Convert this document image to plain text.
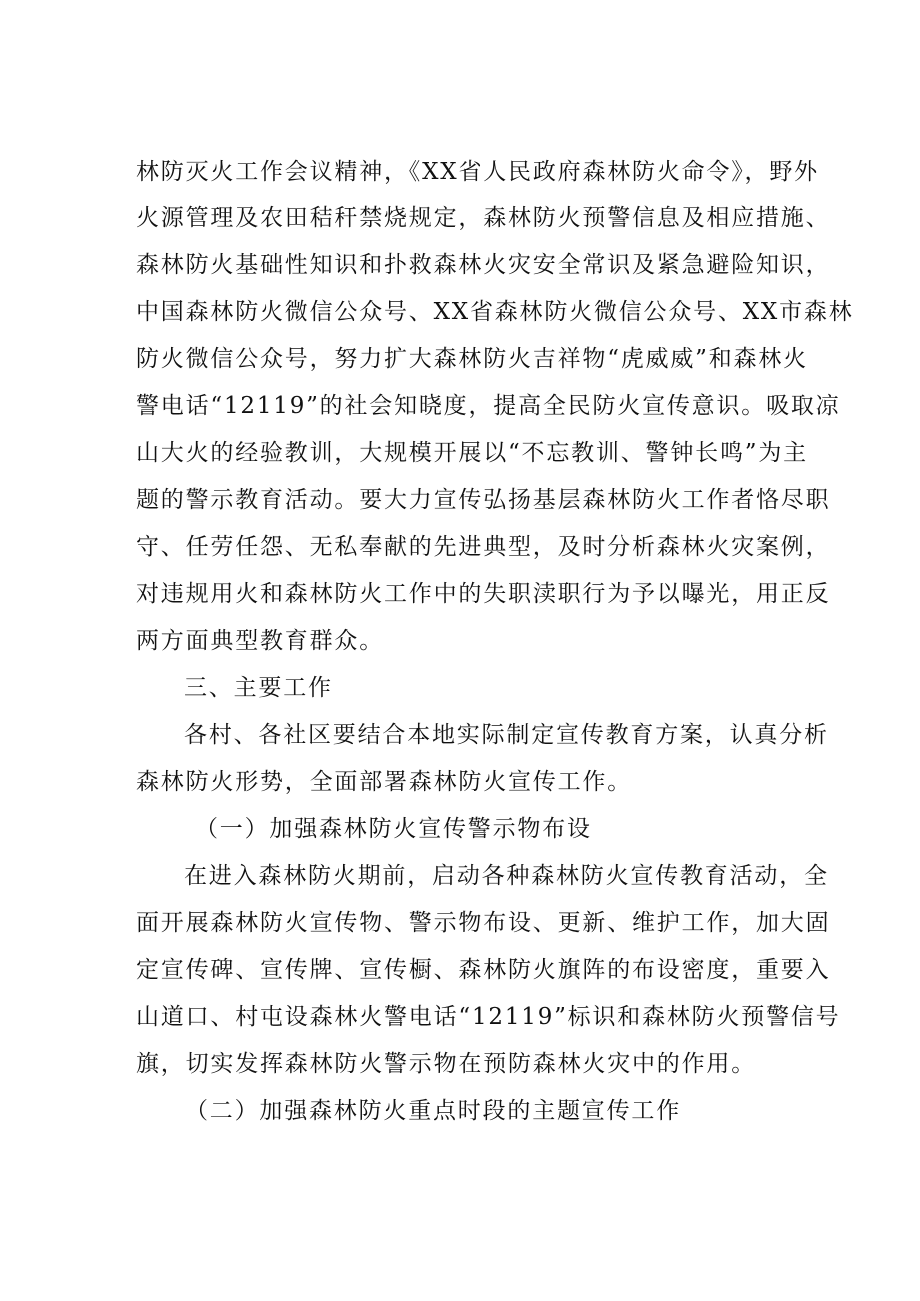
林防灭火工作会议精神，《XX省人民政府森林防火命令》，野外
火源管理及农田秸秆禁烧规定，森林防火预警信息及相应措施、
森林防火基础性知识和扑救森林火灾安全常识及紧急避险知识，
中国森林防火微信公众号、XX省森林防火微信公众号、XX市森林
防火微信公众号，努力扩大森林防火吉祥物“虎威威”和森林火
警电话“12119”的社会知晓度，提高全民防火宣传意识。吸取凉
山大火的经验教训，大规模开展以“不忘教训、警钟长鸣”为主
题的警示教育活动。要大力宣传弘扬基层森林防火工作者恪尽职
守、任劳任怨、无私奉献的先进典型，及时分析森林火灾案例，
对违规用火和森林防火工作中的失职渎职行为予以曝光，用正反
两方面典型教育群众。
三、主要工作
各村、各社区要结合本地实际制定宣传教育方案，认真分析
森林防火形势，全面部署森林防火宣传工作。
（一）加强森林防火宣传警示物布设
在进入森林防火期前，启动各种森林防火宣传教育活动，全
面开展森林防火宣传物、警示物布设、更新、维护工作，加大固
定宣传碑、宣传牌、宣传橱、森林防火旗阵的布设密度，重要入
山道口、村屯设森林火警电话“12119”标识和森林防火预警信号
旗，切实发挥森林防火警示物在预防森林火灾中的作用。
（二）加强森林防火重点时段的主题宣传工作
